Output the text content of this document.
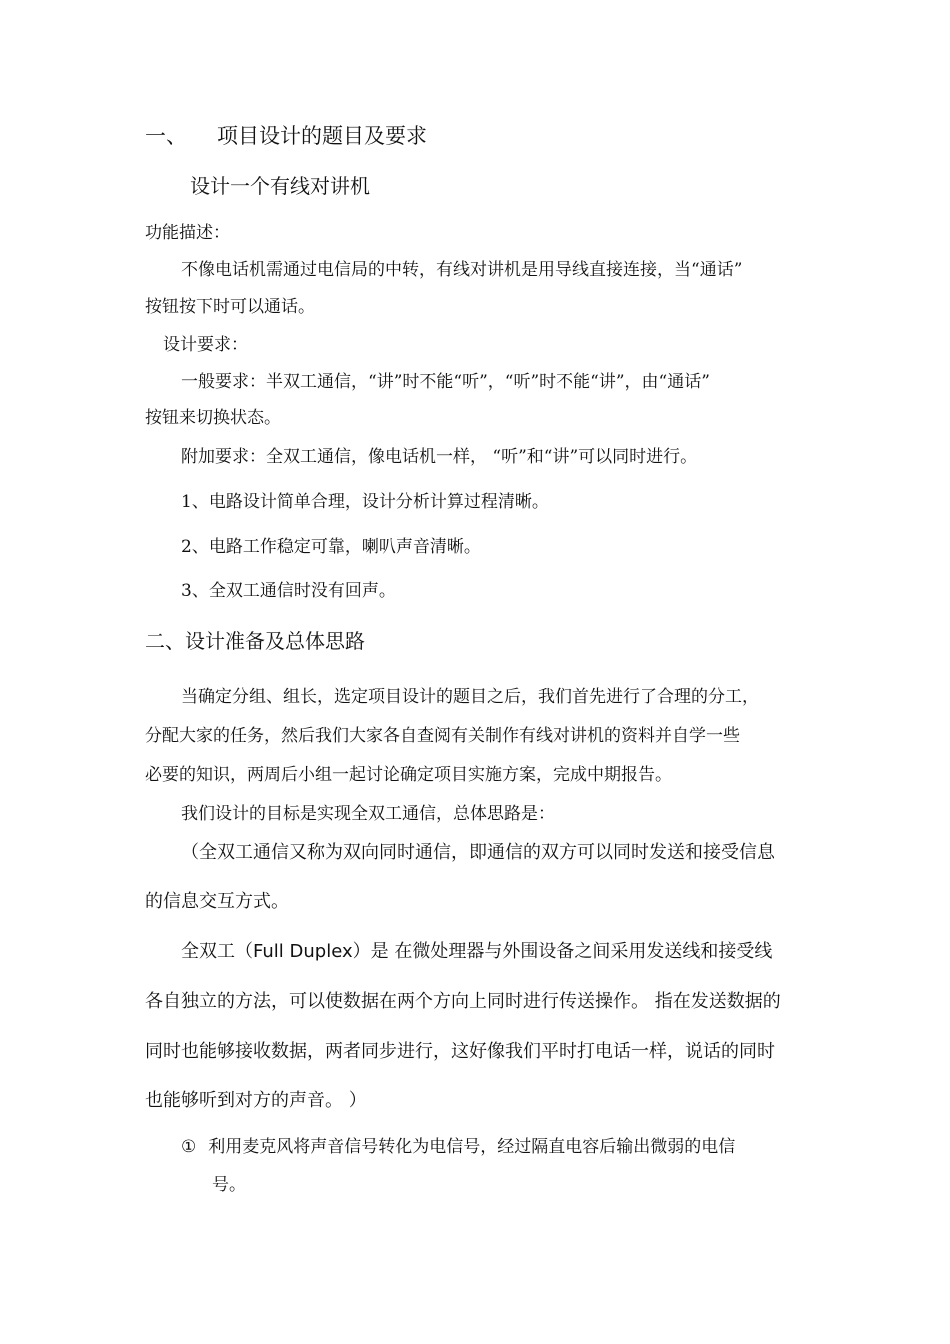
一、 项目设计的题目及要求
设计一个有线对讲机
功能描述：
不像电话机需通过电信局的中转，有线对讲机是用导线直接连接，当“通话”
按钮按下时可以通话。
设计要求：
一般要求：半双工通信，“讲”时不能“听”，“听”时不能“讲”，由“通话”
按钮来切换状态。
附加要求：全双工通信，像电话机一样， “听”和“讲”可以同时进行。
1、电路设计简单合理，设计分析计算过程清晰。
2、电路工作稳定可靠，喇叭声音清晰。
3、全双工通信时没有回声。
二、设计准备及总体思路
当确定分组、组长，选定项目设计的题目之后，我们首先进行了合理的分工，
分配大家的任务，然后我们大家各自查阅有关制作有线对讲机的资料并自学一些
必要的知识，两周后小组一起讨论确定项目实施方案，完成中期报告。
我们设计的目标是实现全双工通信，总体思路是：
（全双工通信又称为双向同时通信，即通信的双方可以同时发送和接受信息
的信息交互方式。
全双工（Full Duplex）是 在微处理器与外围设备之间采用发送线和接受线
各自独立的方法，可以使数据在两个方向上同时进行传送操作。 指在发送数据的
同时也能够接收数据，两者同步进行，这好像我们平时打电话一样，说话的同时
也能够听到对方的声音。 ）
① 利用麦克风将声音信号转化为电信号，经过隔直电容后输出微弱的电信
号。
